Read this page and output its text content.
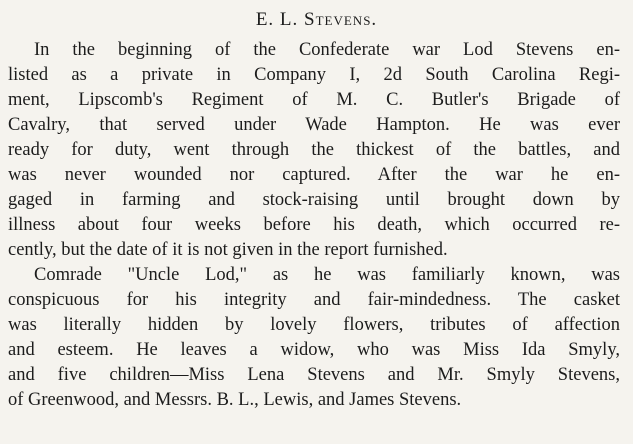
E. L. Stevens.
In the beginning of the Confederate war Lod Stevens en-
listed as a private in Company I, 2d South Carolina Regi-
ment, Lipscomb's Regiment of M. C. Butler's Brigade of
Cavalry, that served under Wade Hampton. He was ever
ready for duty, went through the thickest of the battles, and
was never wounded nor captured. After the war he en-
gaged in farming and stock-raising until brought down by
illness about four weeks before his death, which occurred re-
cently, but the date of it is not given in the report furnished.
Comrade "Uncle Lod," as he was familiarly known, was
conspicuous for his integrity and fair-mindedness. The casket
was literally hidden by lovely flowers, tributes of affection
and esteem. He leaves a widow, who was Miss Ida Smyly,
and five children—Miss Lena Stevens and Mr. Smyly Stevens,
of Greenwood, and Messrs. B. L., Lewis, and James Stevens.
